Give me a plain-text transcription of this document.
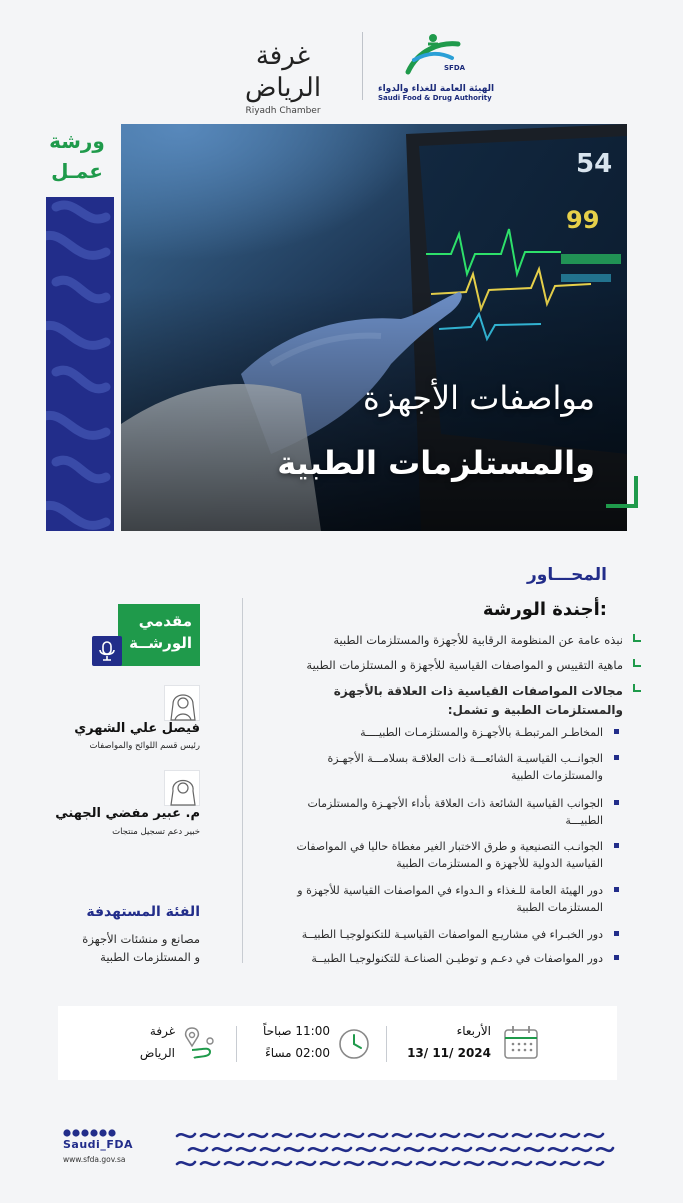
SFDA
الهيئة العامة للغذاء والدواء
Saudi Food & Drug Authority
غرفة الرياض
Riyadh Chamber
ورشة
عمـل
مواصفات الأجهزة
والمستلزمات الطبية
المحـــاور
أجندة الورشة:
نبذه عامة عن المنظومة الرقابية للأجهزة والمستلزمات الطبية
ماهية التقييس و المواصفات القياسية للأجهزة و المستلزمات الطبية
مجالات المواصفات القياسية ذات العلاقة بالأجهزة والمستلزمات الطبية و تشمل:
المخاطـر المرتبطـة بالأجهـزة والمستلزمـات الطبيــــة
الجوانــب القياسيـة الشائعـــة ذات العلاقـة بسلامـــة الأجهـزة والمستلزمات الطبية
الجوانب القياسية الشائعة ذات العلاقة بأداء الأجهـزة والمستلزمات الطبيـــة
الجوانـب التصنيعية و طرق الاختبار الغير مغطاة حاليا في المواصفات القياسية الدولية للأجهزة و المستلزمات الطبية
دور الهيئة العامة للـغذاء و الـدواء في المواصفات القياسية للأجهزة و المستلزمات الطبية
دور الخبـراء في مشاريـع المواصفات القياسيـة للتكنولوجيـا الطبيــة
دور المواصفات في دعـم و توطيـن الصناعـة للتكنولوجيـا الطبيــة
مقدمي
الورشــة
فيصل علي الشهري
رئيس قسم اللوائح والمواصفات
م. عبير مفضي الجهني
خبير دعم تسجيل منتجات
الفئة المستهدفة
مصانع و منشئات الأجهزة
و المستلزمات الطبية
الأربعاء
2024 /11 /13
11:00 صباحاً
02:00 مساءً
غرفة
الرياض
Saudi_FDA
www.sfda.gov.sa
